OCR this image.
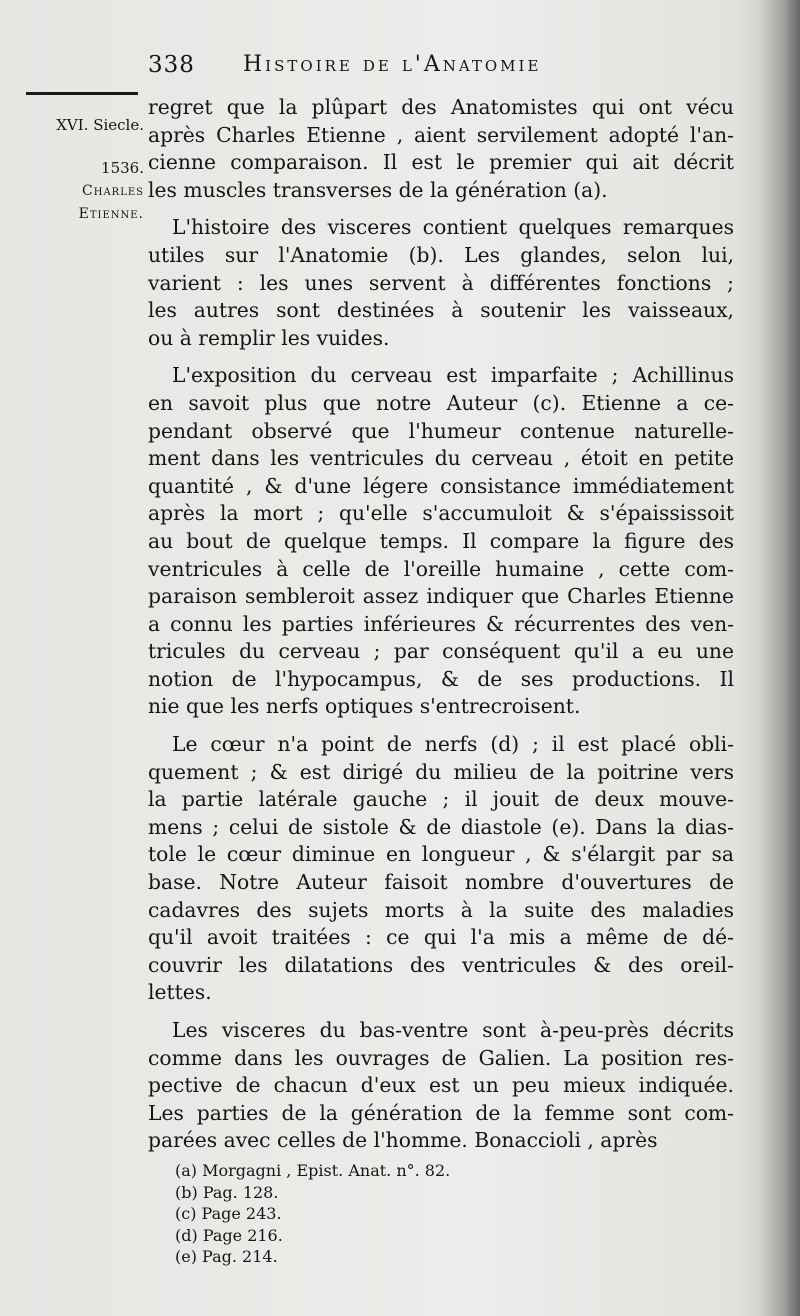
338 Histoire de l'Anatomie
XVI. Siecle.
1536.
Charles
Etienne.
regret que la plûpart des Anatomistes qui ont vécu
après Charles Etienne , aient servilement adopté l'an-
cienne comparaison. Il est le premier qui ait décrit
les muscles transverses de la génération (a).
L'histoire des visceres contient quelques remarques
utiles sur l'Anatomie (b). Les glandes, selon lui,
varient : les unes servent à différentes fonctions ;
les autres sont destinées à soutenir les vaisseaux,
ou à remplir les vuides.
L'exposition du cerveau est imparfaite ; Achillinus
en savoit plus que notre Auteur (c). Etienne a ce-
pendant observé que l'humeur contenue naturelle-
ment dans les ventricules du cerveau , étoit en petite
quantité , & d'une légere consistance immédiatement
après la mort ; qu'elle s'accumuloit & s'épaississoit
au bout de quelque temps. Il compare la figure des
ventricules à celle de l'oreille humaine , cette com-
paraison sembleroit assez indiquer que Charles Etienne
a connu les parties inférieures & récurrentes des ven-
tricules du cerveau ; par conséquent qu'il a eu une
notion de l'hypocampus, & de ses productions. Il
nie que les nerfs optiques s'entrecroisent.
Le cœur n'a point de nerfs (d) ; il est placé obli-
quement ; & est dirigé du milieu de la poitrine vers
la partie latérale gauche ; il jouit de deux mouve-
mens ; celui de sistole & de diastole (e). Dans la dias-
tole le cœur diminue en longueur , & s'élargit par sa
base. Notre Auteur faisoit nombre d'ouvertures de
cadavres des sujets morts à la suite des maladies
qu'il avoit traitées : ce qui l'a mis a même de dé-
couvrir les dilatations des ventricules & des oreil-
lettes.
Les visceres du bas-ventre sont à-peu-près décrits
comme dans les ouvrages de Galien. La position res-
pective de chacun d'eux est un peu mieux indiquée.
Les parties de la génération de la femme sont com-
parées avec celles de l'homme. Bonaccioli , après
(a) Morgagni , Epist. Anat. n°. 82.
(b) Pag. 128.
(c) Page 243.
(d) Page 216.
(e) Pag. 214.
